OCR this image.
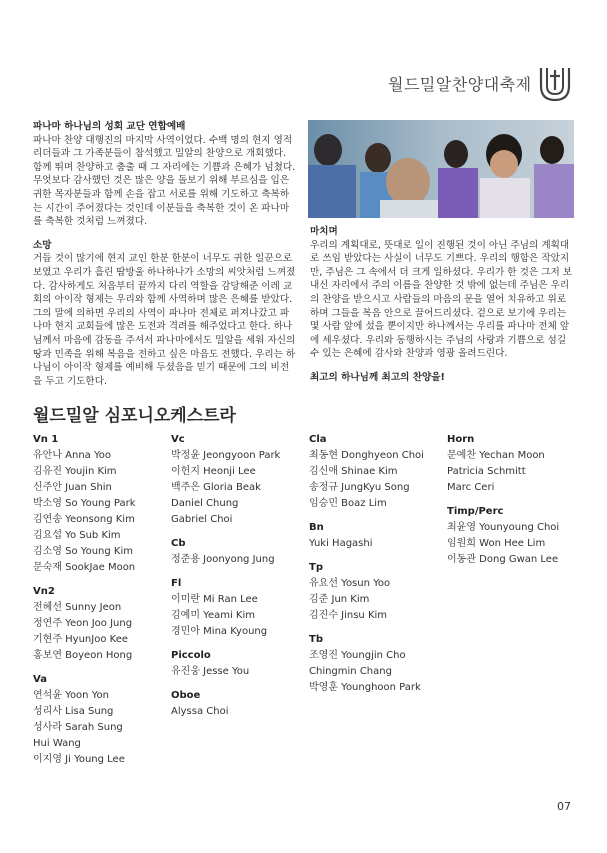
월드밀알찬양대축제
파나마 하나님의 성회 교단 연합예배

파나마 찬양 대행진의 마지막 사역이었다. 수백 명의 현지 영적 리더들과 그 가족분들이 참석했고 밀알의 찬양으로 개회했다. 함께 뛰며 찬양하고 춤출 때 그 자리에는 기쁨과 은혜가 넘쳤다. 무엇보다 감사했던 것은 많은 양을 돌보기 위해 부르심을 입은 귀한 목자분들과 함께 손을 잡고 서로를 위해 기도하고 축복하는 시간이 주어졌다는 것인데 이분들을 축복한 것이 온 파나마를 축복한 것처럼 느껴졌다.

소망

거듭 것이 많기에 현지 교인 한분 한분이 너무도 귀한 일꾼으로 보였고 우리가 흘린 땀방울 하나하나가 소망의 씨앗처럼 느껴졌다. 감사하게도 처음부터 끝까지 다리 역할을 감당해준 이레 교회의 아이작 형제는 우리와 함께 사역하며 많은 은혜를 받았다. 그의 말에 의하면 우리의 사역이 파나마 전체로 퍼져나갔고 파나마 현지 교회들에 많은 도전과 격려를 해주었다고 한다. 하나님께서 마음에 감동을 주셔서 파나마에서도 밀알을 세워 자신의 땅과 민족을 위해 복음을 전하고 싶은 마음도 전했다. 우리는 하나님이 아이작 형제를 예비해 두셨음을 믿기 때문에 그의 비전을 두고 기도한다.

마치며

우리의 계획대로, 뜻대로 일이 진행된 것이 아닌 주님의 계획대로 쓰임 받았다는 사실이 너무도 기쁘다. 우리의 행함은 작았지만, 주님은 그 속에서 더 크게 일하셨다. 우리가 한 것은 그저 보내신 자리에서 주의 이름을 찬양한 것 밖에 없는데 주님은 우리의 찬양을 받으시고 사람들의 마음의 문을 열어 치유하고 위로하며 그들을 복음 안으로 끌어드리셨다. 겉으로 보기에 우리는 몇 사람 앞에 섰을 뿐이지만 하나께서는 우리를 파나마 전체 앞에 세우셨다. 우리와 동행하시는 주님의 사랑과 기쁨으로 섬길 수 있는 은혜에 감사와 찬양과 영광 올려드린다.

최고의 하나님께 최고의 찬양을!
월드밀알 심포니오케스트라
Vn 1
유안나 Anna Yoo
김유진 Youjin Kim
신주안 Juan Shin
박소영 So Young Park
김연송 Yeonsong Kim
김요섭 Yo Sub Kim
김소영 So Young Kim
문숙재 SookJae Moon
Vn2
전혜선 Sunny Jeon
정연주 Yeon Joo Jung
기현주 HyunJoo Kee
홍보연 Boyeon Hong
Va
연석윤 Yoon Yon
성리사 Lisa Sung
성사라 Sarah Sung
Hui Wang
이지영 Ji Young Lee
Vc
박정윤 Jeongyoon Park
이헌지 Heonji Lee
백주은 Gloria Beak
Daniel Chung
Gabriel Choi
Cb
정준용 Joonyong Jung
Fl
이미란 Mi Ran Lee
김예미 Yeami Kim
경민아 Mina Kyoung
Piccolo
유진웅 Jesse You
Oboe
Alyssa Choi
Cla
최동현 Donghyeon Choi
김신애 Shinae Kim
송정규 JungKyu Song
임승민 Boaz Lim
Bn
Yuki Hagashi
Tp
유요선 Yosun Yoo
김준 Jun Kim
김진수 Jinsu Kim
Tb
조영진 Youngjin Cho
Chingmin Chang
박영훈 Younghoon Park
Horn
문예찬 Yechan Moon
Patricia Schmitt
Marc Ceri
Timp/Perc
최윤영 Younyoung Choi
임원희 Won Hee Lim
이동관 Dong Gwan Lee
07
